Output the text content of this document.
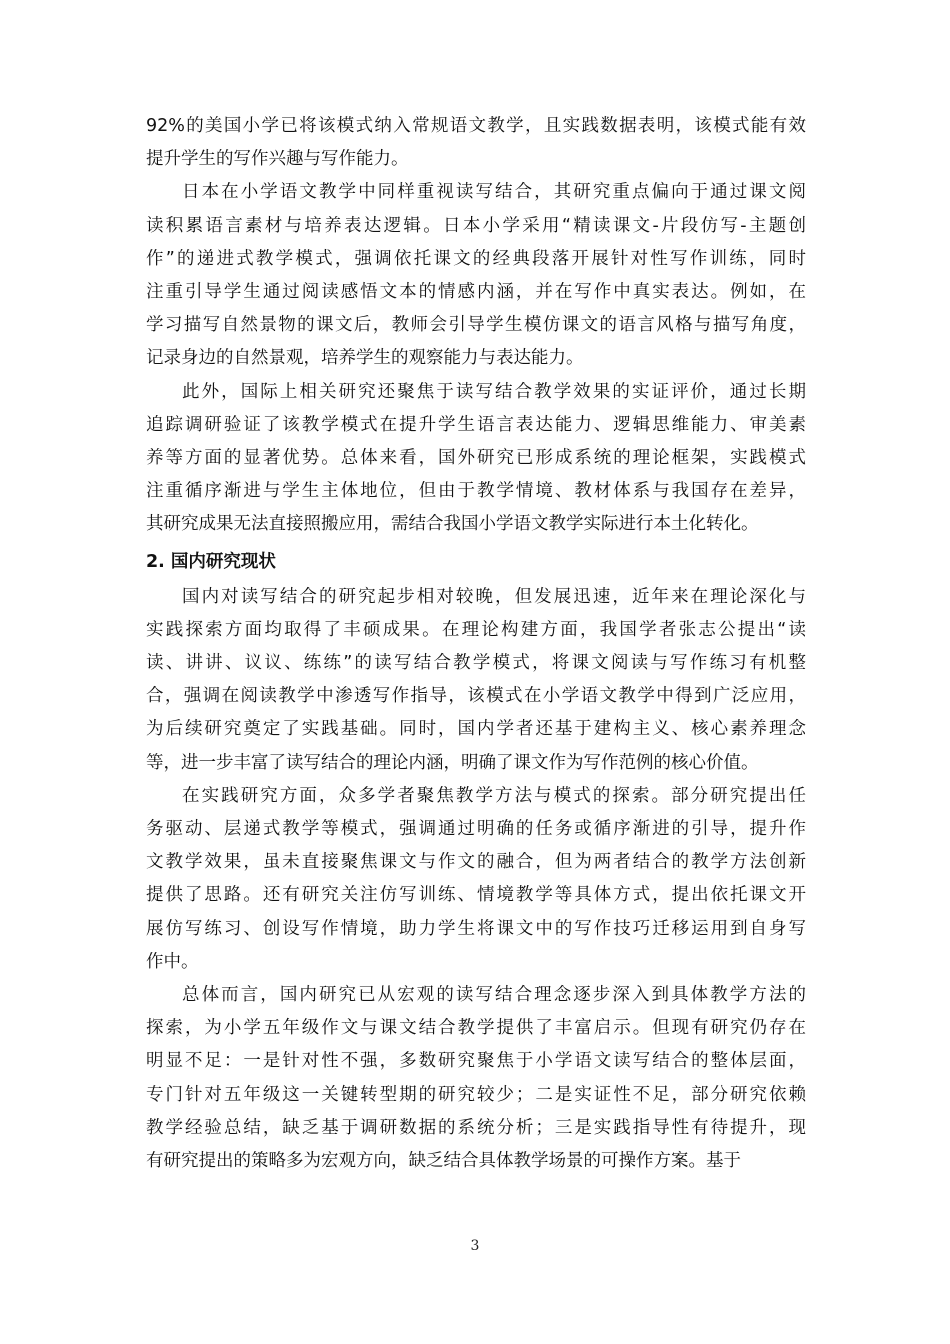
92%的美国小学已将该模式纳入常规语文教学，且实践数据表明，该模式能有效
提升学生的写作兴趣与写作能力。
日本在小学语文教学中同样重视读写结合，其研究重点偏向于通过课文阅
读积累语言素材与培养表达逻辑。日本小学采用“精读课文-片段仿写-主题创
作”的递进式教学模式，强调依托课文的经典段落开展针对性写作训练，同时
注重引导学生通过阅读感悟文本的情感内涵，并在写作中真实表达。例如，在
学习描写自然景物的课文后，教师会引导学生模仿课文的语言风格与描写角度，
记录身边的自然景观，培养学生的观察能力与表达能力。
此外，国际上相关研究还聚焦于读写结合教学效果的实证评价，通过长期
追踪调研验证了该教学模式在提升学生语言表达能力、逻辑思维能力、审美素
养等方面的显著优势。总体来看，国外研究已形成系统的理论框架，实践模式
注重循序渐进与学生主体地位，但由于教学情境、教材体系与我国存在差异，
其研究成果无法直接照搬应用，需结合我国小学语文教学实际进行本土化转化。
2. 国内研究现状
国内对读写结合的研究起步相对较晚，但发展迅速，近年来在理论深化与
实践探索方面均取得了丰硕成果。在理论构建方面，我国学者张志公提出“读
读、讲讲、议议、练练”的读写结合教学模式，将课文阅读与写作练习有机整
合，强调在阅读教学中渗透写作指导，该模式在小学语文教学中得到广泛应用，
为后续研究奠定了实践基础。同时，国内学者还基于建构主义、核心素养理念
等，进一步丰富了读写结合的理论内涵，明确了课文作为写作范例的核心价值。
在实践研究方面，众多学者聚焦教学方法与模式的探索。部分研究提出任
务驱动、层递式教学等模式，强调通过明确的任务或循序渐进的引导，提升作
文教学效果，虽未直接聚焦课文与作文的融合，但为两者结合的教学方法创新
提供了思路。还有研究关注仿写训练、情境教学等具体方式，提出依托课文开
展仿写练习、创设写作情境，助力学生将课文中的写作技巧迁移运用到自身写
作中。
总体而言，国内研究已从宏观的读写结合理念逐步深入到具体教学方法的
探索，为小学五年级作文与课文结合教学提供了丰富启示。但现有研究仍存在
明显不足：一是针对性不强，多数研究聚焦于小学语文读写结合的整体层面，
专门针对五年级这一关键转型期的研究较少；二是实证性不足，部分研究依赖
教学经验总结，缺乏基于调研数据的系统分析；三是实践指导性有待提升，现
有研究提出的策略多为宏观方向，缺乏结合具体教学场景的可操作方案。基于
3
